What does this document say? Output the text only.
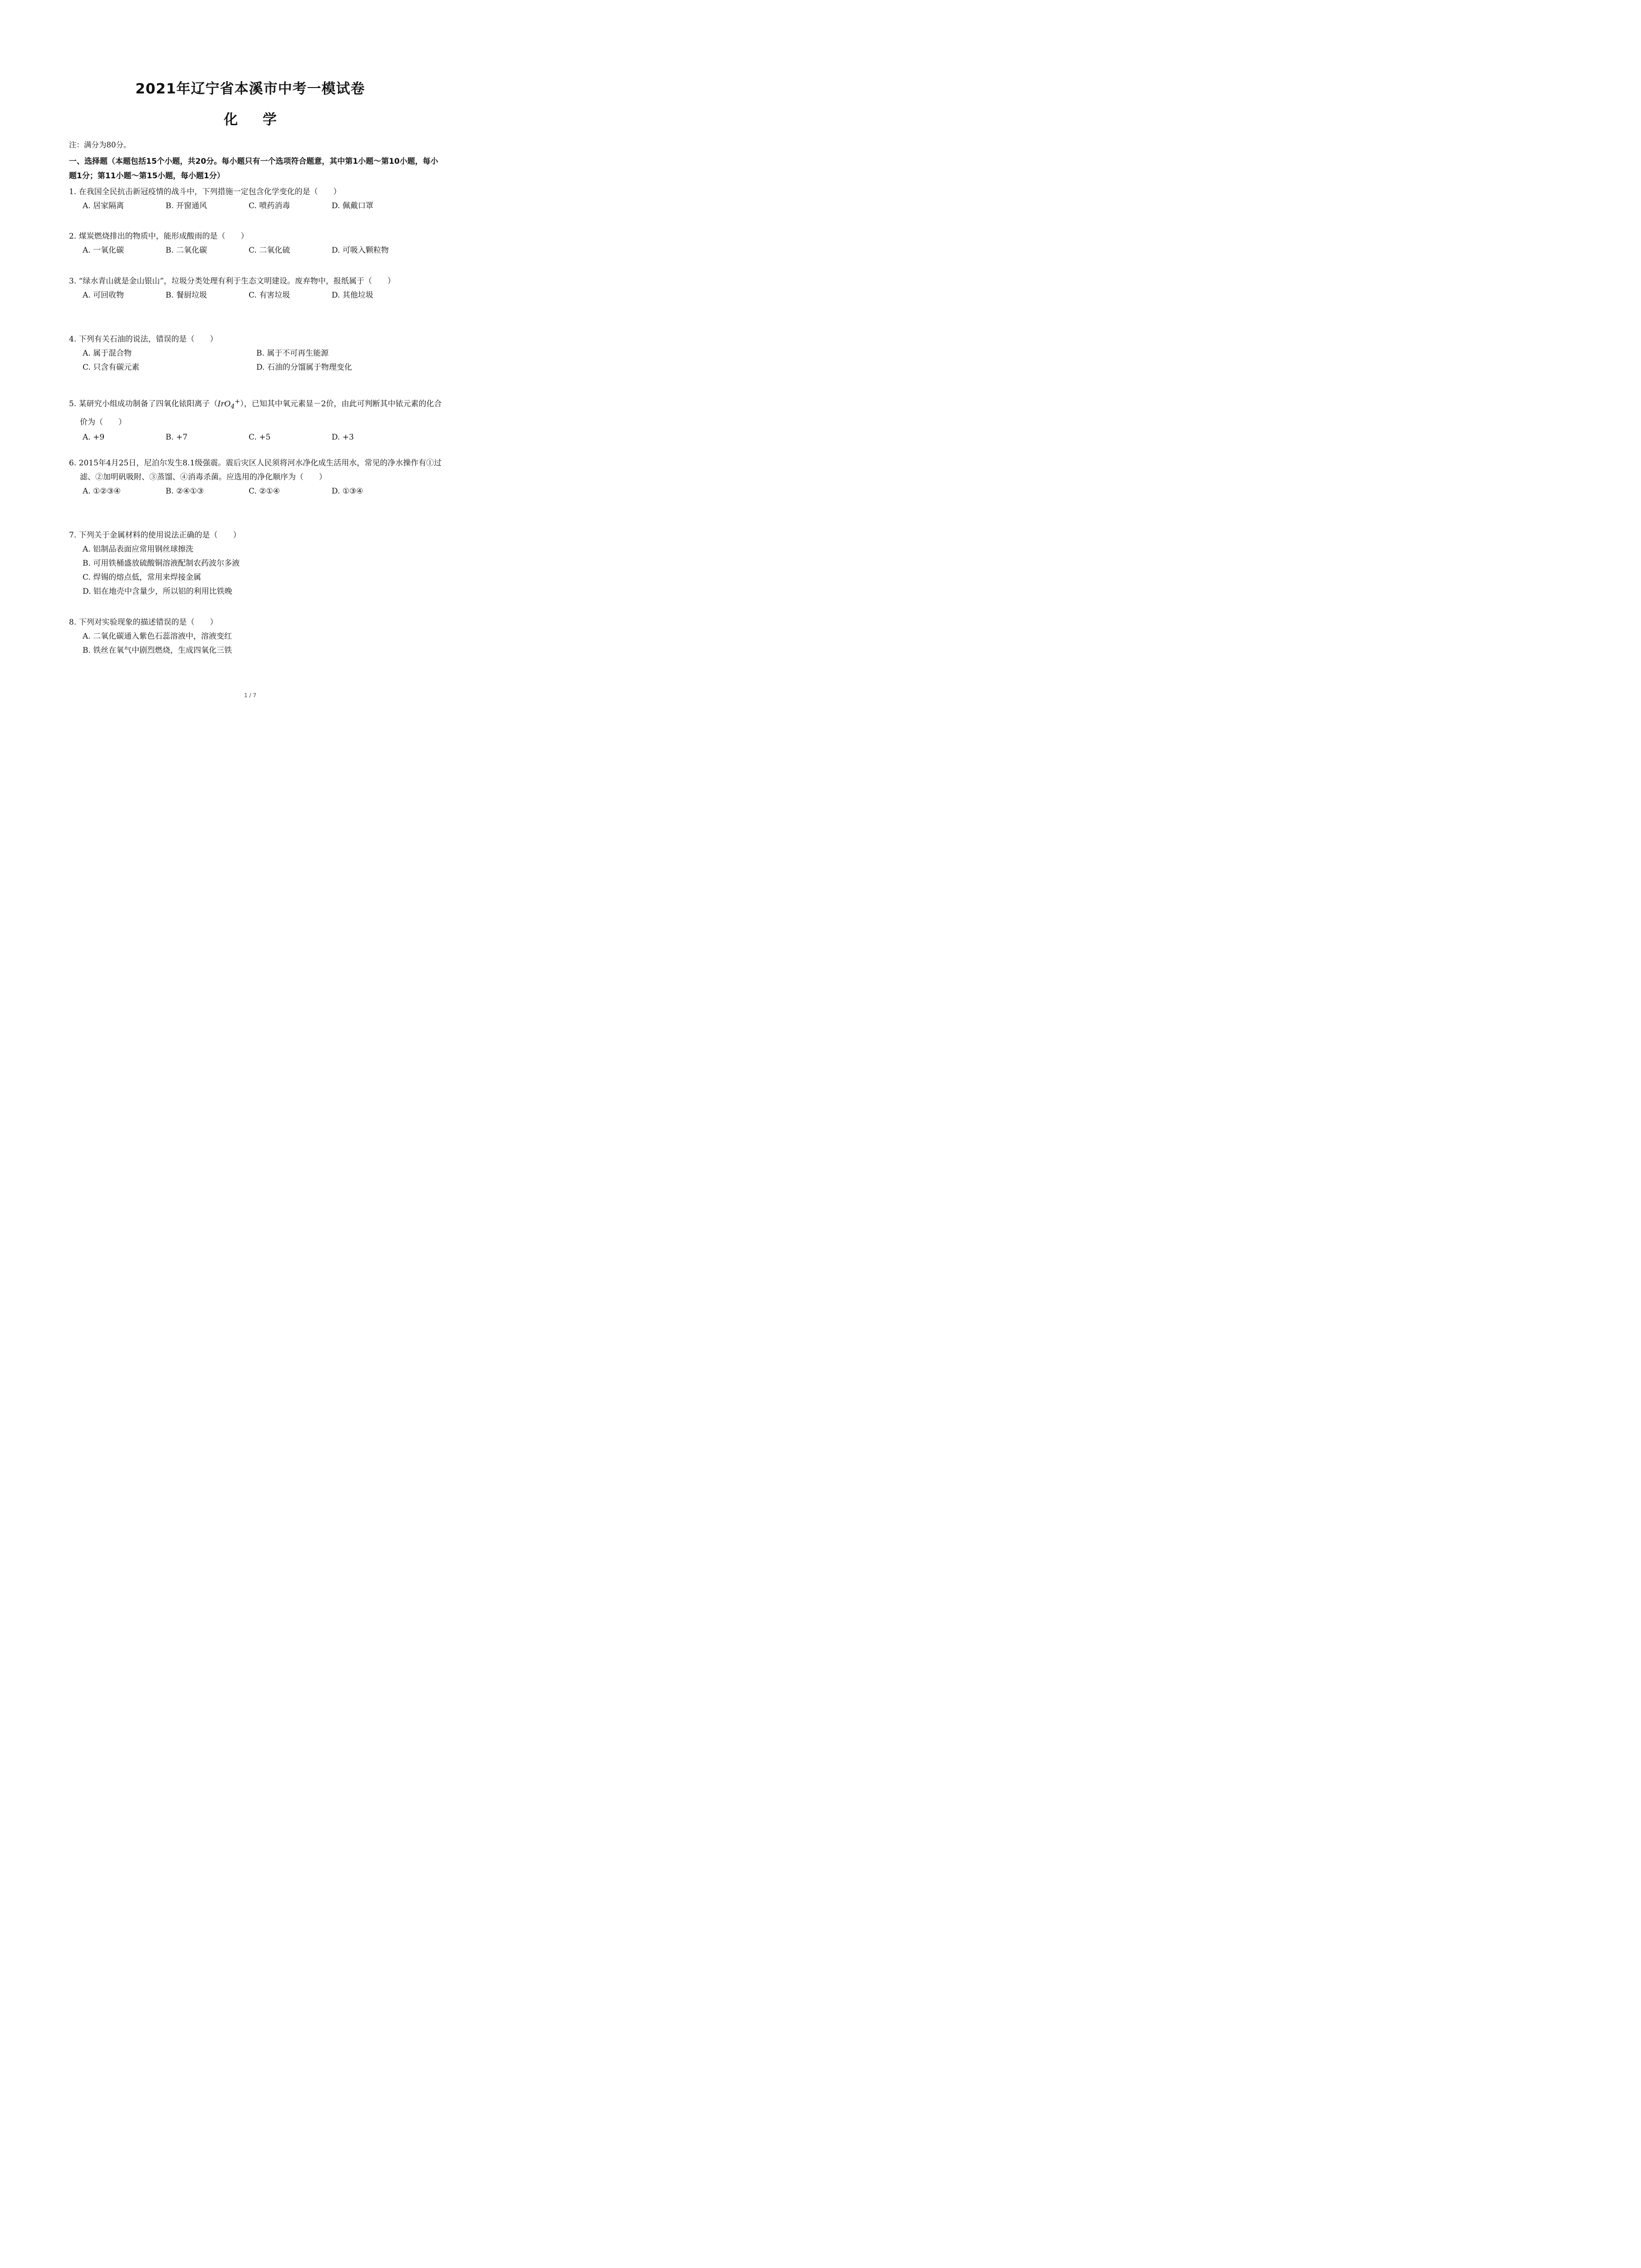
2021年辽宁省本溪市中考一模试卷
化 学
注：满分为80分。
一、选择题（本题包括15个小题，共20分。每小题只有一个选项符合题意，其中第1小题～第10小题，每小题1分；第11小题～第15小题，每小题1分）
1. 在我国全民抗击新冠疫情的战斗中，下列措施一定包含化学变化的是（　　）
A. 居家隔离	B. 开窗通风	C. 喷药消毒	D. 佩戴口罩
2. 煤炭燃烧排出的物质中，能形成酸雨的是（　　）
A. 一氧化碳	B. 二氧化碳	C. 二氧化硫	D. 可吸入颗粒物
3. “绿水青山就是金山银山”，垃圾分类处理有利于生态文明建设。废弃物中，报纸属于（　　）
A. 可回收物	B. 餐厨垃圾	C. 有害垃圾	D. 其他垃圾
4. 下列有关石油的说法，错误的是（　　）
A. 属于混合物	B. 属于不可再生能源
C. 只含有碳元素	D. 石油的分馏属于物理变化
5. 某研究小组成功制备了四氧化铱阳离子（IrO$_4$+），已知其中氧元素显－2价，由此可判断其中铱元素的化合价为（　　）
A. +9	B. +7	C. +5	D. +3
6. 2015年4月25日，尼泊尔发生8.1级强震。震后灾区人民须将河水净化成生活用水，常见的净水操作有①过滤、②加明矾吸附、③蒸馏、④消毒杀菌。应选用的净化顺序为（　　）
A. ①②③④	B. ②④①③	C. ②①④	D. ①③④
7. 下列关于金属材料的使用说法正确的是（　　）
A. 铝制品表面应常用钢丝球擦洗
B. 可用铁桶盛放硫酸铜溶液配制农药波尔多液
C. 焊锡的熔点低，常用来焊接金属
D. 铝在地壳中含量少，所以铝的利用比铁晚
8. 下列对实验现象的描述错误的是（　　）
A. 二氧化碳通入紫色石蕊溶液中，溶液变红
B. 铁丝在氧气中剧烈燃烧，生成四氧化三铁
1 / 7
